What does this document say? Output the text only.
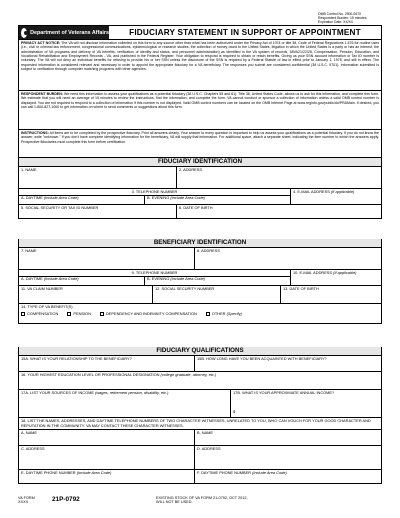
OMB Control No. 2900-0670
Respondent Burden: 15 minutes
Expiration Date: XX/XX
Department of Veterans Affairs	FIDUCIARY STATEMENT IN SUPPORT OF APPOINTMENT
PRIVACY ACT NOTICE: The VA will not disclose information collected on this form to any source other than what has been authorized under the Privacy Act of 1974 or title 38, Code of Federal Regulations 1.576 for routine uses (i.e., civil or criminal law enforcement, congressional communications, epidemiological or research studies, the collection of money owed to the United States, litigation in which the United States is a party or has an interest, the administration of VA programs and delivery of VA benefits, verification of identity and status, and personnel administration) as identified in the VA system of records, 58VA21/22/28, Compensation, Pension, Education, and Vocational Rehabilitation and Employment Records - VA, and published in the Federal Register. Your obligation to respond is required to obtain or retain benefits. Giving us your SSN account information or Tax ID number is voluntary. The VA will not deny an individual benefits for refusing to provide his or her SSN unless the disclosure of the SSN is required by a Federal Statute of law in effect prior to January 1, 1975, and still in effect. The requested information is considered relevant and necessary in order to appoint the appropriate fiduciary for a VA beneficiary. The responses you submit are considered confidential (38 U.S.C. 5701). Information submitted is subject to verification through computer matching programs with other agencies.
RESPONDENT BURDEN: We need this information to assess your qualifications as a potential fiduciary (38 U.S.C. Chapters 55 and 61). Title 38, United States Code, allows us to ask for this information, and complete this form. We estimate that you will need an average of 15 minutes to review the instructions, find the information, and complete the form. VA cannot conduct or sponsor a collection of information unless a valid OMB control number is displayed. You are not required to respond to a collection of information if this number is not displayed. Valid OMB control numbers can be located on the OMB Internet Page at www.reginfo.gov/public/do/PRAMain. If desired, you can call 1-800-827-1000 to get information on where to send comments or suggestions about this form.
INSTRUCTIONS: All items are to be completed by the prospective fiduciary. Print all answers clearly. Your answer to every question is important to help us assess your qualifications as a potential fiduciary. If you do not know the answer, write "unknown." If you don't have complete identifying information for the beneficiary, VA will supply that information. For additional space, attach a separate sheet, indicating the item number to which the answers apply. Prospective fiduciaries must complete this form before certification.
FIDUCIARY IDENTIFICATION
1. NAME	2. ADDRESS
3. TELEPHONE NUMBER
A. DAYTIME (Include Area Code)	B. EVENING (Include Area Code)
4. E-MAIL ADDRESS (If applicable)
5. SOCIAL SECURITY OR TAX ID NUMBER	6. DATE OF BIRTH
BENEFICIARY IDENTIFICATION
7. NAME	8. ADDRESS
9. TELEPHONE NUMBER
A. DAYTIME (Include Area Code)	B. EVENING (Include Area Code)
10. E-MAIL ADDRESS (If applicable)
11. VA CLAIM NUMBER	12. SOCIAL SECURITY NUMBER	13. DATE OF BIRTH
14. TYPE OF VA BENEFIT(S)
COMPENSATION
	PENSION
	DEPENDENCY AND INDEMNITY COMPENSATION
	OTHER
(Specify)
FIDUCIARY QUALIFICATIONS
15A. WHAT IS YOUR RELATIONSHIP TO THE BENEFICIARY?	15B. HOW LONG HAVE YOU BEEN ACQUAINTED WITH BENEFICIARY?
16. YOUR HIGHEST EDUCATION LEVEL OR PROFESSIONAL DESIGNATION (college graduate, attorney, etc.)
17A. LIST YOUR SOURCES OF INCOME (wages, retirement pension, disability, etc.)	17B. WHAT IS YOUR APPROXIMATE ANNUAL INCOME?
$
18. LIST THE NAMES, ADDRESSES, AND DAYTIME TELEPHONE NUMBERS OF TWO CHARACTER WITNESSES, UNRELATED TO YOU, WHO CAN VOUCH FOR YOUR GOOD CHARACTER AND REPUTATION IN THE COMMUNITY. VA MAY CONTACT THESE CHARACTER WITNESSES.
A. NAME	B. NAME
C. ADDRESS	D. ADDRESS
E. DAYTIME PHONE NUMBER (Include Area Code)	F. DAYTIME PHONE NUMBER (Include Area Code)
VA FORM
XXXX	21P-0792	EXISTING STOCK OF VA FORM 21-0792, OCT 2012,
WILL NOT BE USED.
